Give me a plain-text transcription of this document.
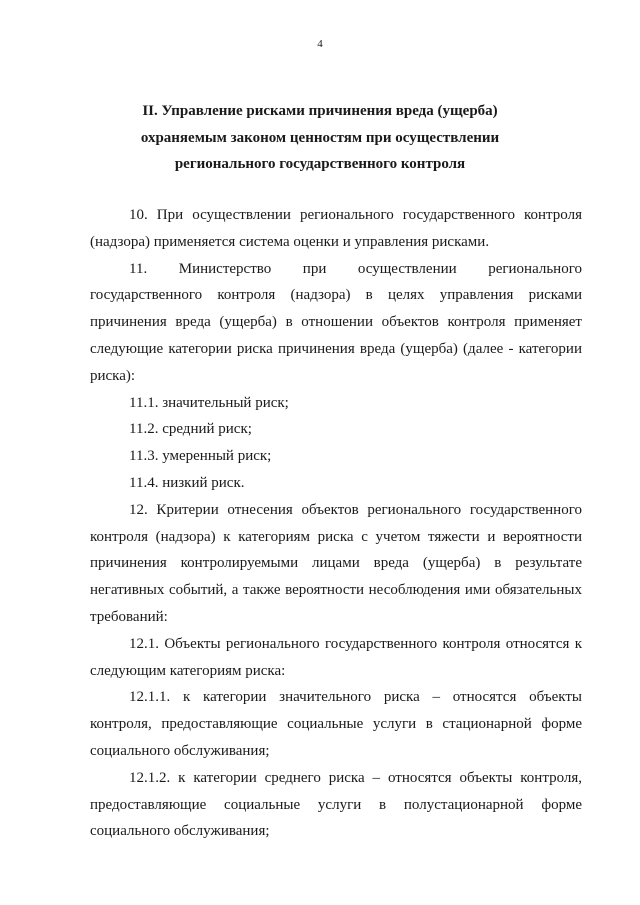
4
II. Управление рисками причинения вреда (ущерба)
охраняемым законом ценностям при осуществлении
регионального государственного контроля

10. При осуществлении регионального государственного контроля (надзора) применяется система оценки и управления рисками.

11. Министерство при осуществлении регионального государственного контроля (надзора) в целях управления рисками причинения вреда (ущерба) в отношении объектов контроля применяет следующие категории риска причинения вреда (ущерба) (далее - категории риска):

11.1. значительный риск;

11.2. средний риск;

11.3. умеренный риск;

11.4. низкий риск.

12. Критерии отнесения объектов регионального государственного контроля (надзора) к категориям риска с учетом тяжести и вероятности причинения контролируемыми лицами вреда (ущерба) в результате негативных событий, а также вероятности несоблюдения ими обязательных требований:

12.1. Объекты регионального государственного контроля относятся к следующим категориям риска:

12.1.1. к категории значительного риска – относятся объекты контроля, предоставляющие социальные услуги в стационарной форме социального обслуживания;

12.1.2. к категории среднего риска – относятся объекты контроля, предоставляющие социальные услуги в полустационарной форме социального обслуживания;
